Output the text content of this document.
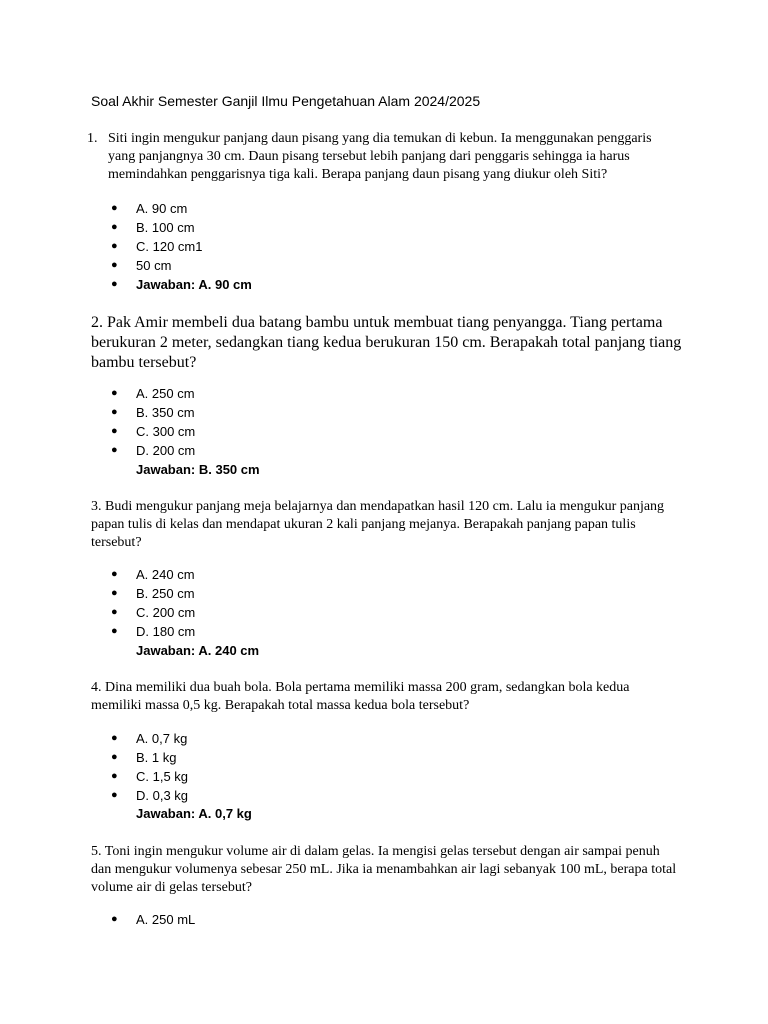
Soal Akhir Semester Ganjil Ilmu Pengetahuan Alam 2024/2025
1. Siti ingin mengukur panjang daun pisang yang dia temukan di kebun. Ia menggunakan penggaris yang panjangnya 30 cm. Daun pisang tersebut lebih panjang dari penggaris sehingga ia harus memindahkan penggarisnya tiga kali. Berapa panjang daun pisang yang diukur oleh Siti?
● A. 90 cm
● B. 100 cm
● C. 120 cm1
● 50 cm
● Jawaban: A. 90 cm
2. Pak Amir membeli dua batang bambu untuk membuat tiang penyangga. Tiang pertama berukuran 2 meter, sedangkan tiang kedua berukuran 150 cm. Berapakah total panjang tiang bambu tersebut?
● A. 250 cm
● B. 350 cm
● C. 300 cm
● D. 200 cm
Jawaban: B. 350 cm
3. Budi mengukur panjang meja belajarnya dan mendapatkan hasil 120 cm. Lalu ia mengukur panjang papan tulis di kelas dan mendapat ukuran 2 kali panjang mejanya. Berapakah panjang papan tulis tersebut?
● A. 240 cm
● B. 250 cm
● C. 200 cm
● D. 180 cm
Jawaban: A. 240 cm
4. Dina memiliki dua buah bola. Bola pertama memiliki massa 200 gram, sedangkan bola kedua memiliki massa 0,5 kg. Berapakah total massa kedua bola tersebut?
● A. 0,7 kg
● B. 1 kg
● C. 1,5 kg
● D. 0,3 kg
Jawaban: A. 0,7 kg
5. Toni ingin mengukur volume air di dalam gelas. Ia mengisi gelas tersebut dengan air sampai penuh dan mengukur volumenya sebesar 250 mL. Jika ia menambahkan air lagi sebanyak 100 mL, berapa total volume air di gelas tersebut?
● A. 250 mL
